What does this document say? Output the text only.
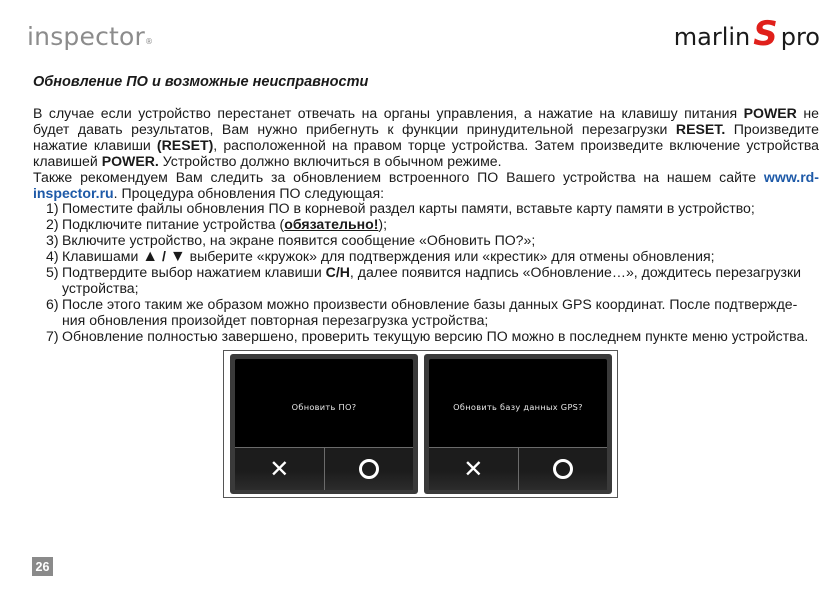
inspector®	marlin S pro
Обновление ПО и возможные неисправности

В случае если устройство перестанет отвечать на органы управления, а нажатие на клавишу питания POWER не будет давать результатов, Вам нужно прибегнуть к функции принудительной перезагрузки RESET. Произведите нажатие клавиши (RESET), расположенной на правом торце устройства. Затем произведите включение устройства клавишей POWER. Устройство должно включиться в обычном режиме.

Также рекомендуем Вам следить за обновлением встроенного ПО Вашего устройства на нашем сайте www.rd-inspector.ru. Процедура обновления ПО следующая:

1) Поместите файлы обновления ПО в корневой раздел карты памяти, вставьте карту памяти в устройство;
2) Подключите питание устройства (обязательно!);
3) Включите устройство, на экране появится сообщение «Обновить ПО?»;
4) Клавишами ▲ / ▼ выберите «кружок» для подтверждения или «крестик» для отмены обновления;
5) Подтвердите выбор нажатием клавиши С/Н, далее появится надпись «Обновление…», дождитесь перезагрузки устройства;
6) После этого таким же образом можно произвести обновление базы данных GPS координат. После подтвержде-ния обновления произойдет повторная перезагрузка устройства;
7) Обновление полностью завершено, проверить текущую версию ПО можно в последнем пункте меню устройства.
Обновить ПО?
✕
Обновить базу данных GPS?
✕
26
